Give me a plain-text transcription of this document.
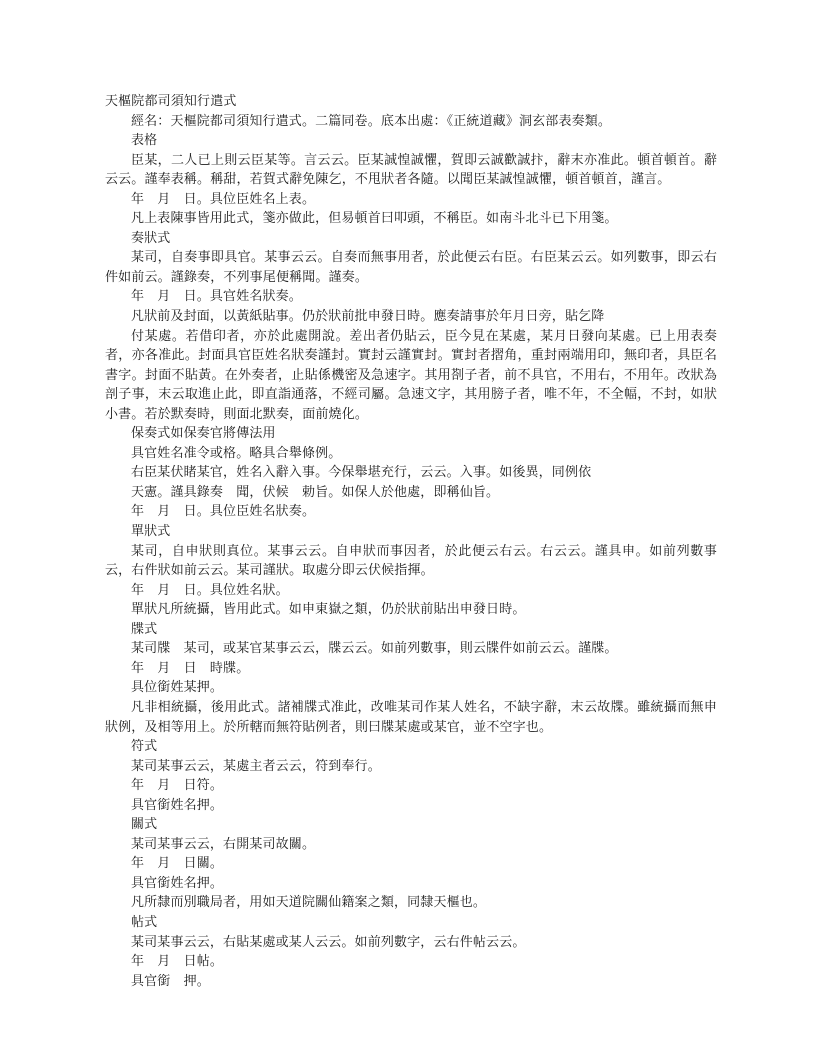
天樞院都司須知行遣式
經名：天樞院都司須知行遣式。二篇同卷。底本出處：《正統道藏》洞玄部表奏類。
表格
臣某，二人已上則云臣某等。言云云。臣某誠惶誠懼，賀即云誠歡誠抃，辭末亦准此。頓首頓首。辭云云。謹奉表稱。稱甜，若賀式辭免陳乞，不甩狀者各隨。以聞臣某誠惶誠懼，頓首頓首，謹言。
年　月　日。具位臣姓名上表。
凡上表陳事皆用此式，箋亦做此，但易頓首曰叩頭，不稱臣。如南斗北斗已下用箋。
奏狀式
某司，自奏事即具官。某事云云。自奏而無事用者，於此便云右臣。右臣某云云。如列數事，即云右件如前云。謹錄奏，不列事尾便稱聞。謹奏。
年　月　日。具官姓名狀奏。
凡狀前及封面，以黃紙貼事。仍於狀前批申發日時。應奏請事於年月日旁，貼乞降
付某處。若借印者，亦於此處開說。差出者仍貼云，臣今見在某處，某月日發向某處。已上用表奏者，亦各准此。封面具官臣姓名狀奏謹封。實封云謹實封。實封者摺角，重封兩端用印，無印者，具臣名書字。封面不貼黃。在外奏者，止貼係機密及急速字。其用剳子者，前不具官，不用右，不用年。改狀為剖子事，末云取進止此，即直詣通落，不經司屬。急速文字，其用膀子者，唯不年，不全幅，不封，如狀小書。若於默奏時，則面北默奏，面前燒化。
保奏式如保奏官將傳法用
具官姓名准令或格。略具合舉條例。
右臣某伏睹某官，姓名入辭入事。今保舉堪充行，云云。入事。如後異，同例依
天憲。謹具錄奏　聞，伏候　勅旨。如保人於他處，即稱仙旨。
年　月　日。具位臣姓名狀奏。
單狀式
某司，自申狀則真位。某事云云。自申狀而事因者，於此便云右云。右云云。謹具申。如前列數事云，右件狀如前云云。某司謹狀。取處分即云伏候指揮。
年　月　日。具位姓名狀。
單狀凡所統攝，皆用此式。如申東嶽之類，仍於狀前貼出申發日時。
牒式
某司牒　某司，或某官某事云云，牒云云。如前列數事，則云牒件如前云云。謹牒。
年　月　日　時牒。
具位銜姓某押。
凡非相統攝，後用此式。諸補牒式准此，改唯某司作某人姓名，不缺字辭，末云故牒。雖統攝而無申狀例，及相等用上。於所轄而無符貼例者，則曰牒某處或某官，並不空字也。
符式
某司某事云云，某處主者云云，符到奉行。
年　月　日符。
具官銜姓名押。
關式
某司某事云云，右開某司故關。
年　月　日關。
具官銜姓名押。
凡所隸而別職局者，用如天道院關仙籍案之類，同隸天樞也。
帖式
某司某事云云，右貼某處或某人云云。如前列數字，云右件帖云云。
年　月　日帖。
具官銜　押。
